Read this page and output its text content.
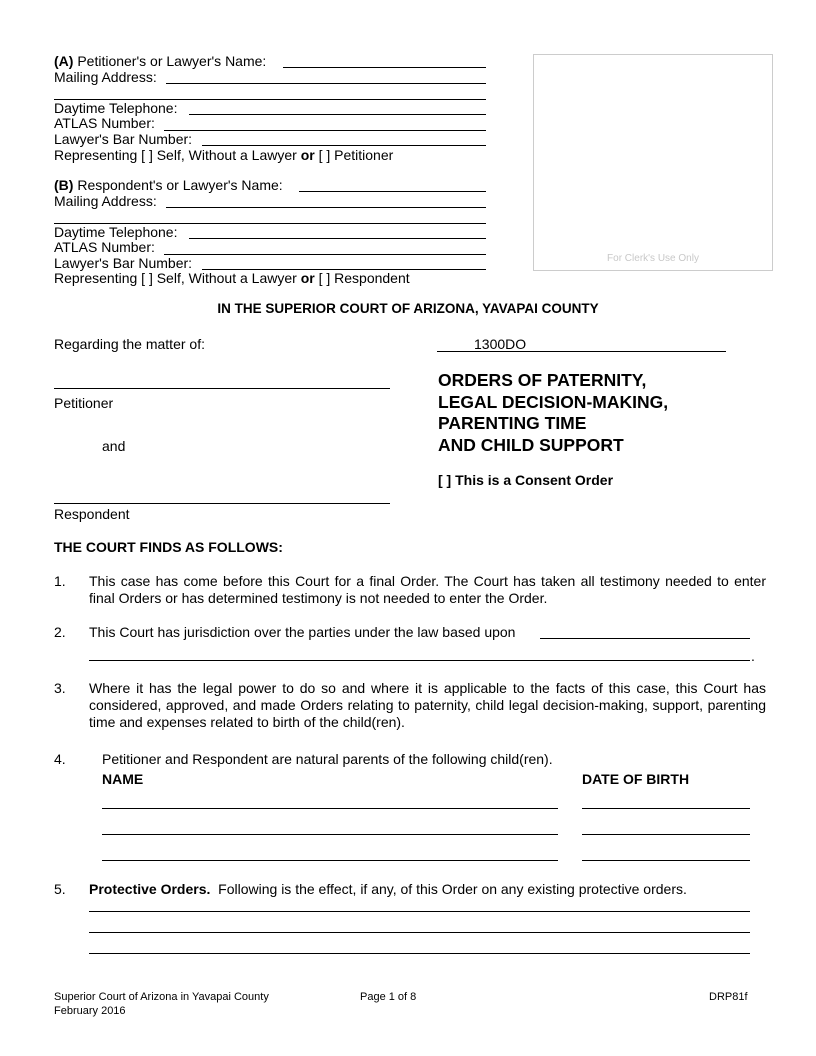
(A) Petitioner's or Lawyer's Name:
Mailing Address:
Daytime Telephone:
ATLAS Number:
Lawyer's Bar Number:
Representing [ ] Self, Without a Lawyer or [ ] Petitioner
(B) Respondent's or Lawyer's Name:
Mailing Address:
Daytime Telephone:
ATLAS Number:
Lawyer's Bar Number:
Representing [ ] Self, Without a Lawyer or [ ] Respondent
For Clerk's Use Only
IN THE SUPERIOR COURT OF ARIZONA, YAVAPAI COUNTY
Regarding the matter of:	1300DO
Petitioner
and
Respondent
ORDERS OF PATERNITY,
LEGAL DECISION-MAKING,
PARENTING TIME
AND CHILD SUPPORT
[ ] This is a Consent Order
THE COURT FINDS AS FOLLOWS:
1. This case has come before this Court for a final Order. The Court has taken all testimony needed to enter final Orders or has determined testimony is not needed to enter the Order.
2. This Court has jurisdiction over the parties under the law based upon
.
3. Where it has the legal power to do so and where it is applicable to the facts of this case, this Court has considered, approved, and made Orders relating to paternity, child legal decision-making, support, parenting time and expenses related to birth of the child(ren).
4.	Petitioner and Respondent are natural parents of the following child(ren).
NAME	DATE OF BIRTH
5. Protective Orders. Following is the effect, if any, of this Order on any existing protective orders.
Superior Court of Arizona in Yavapai County
February 2016
Page 1 of 8	DRP81f
